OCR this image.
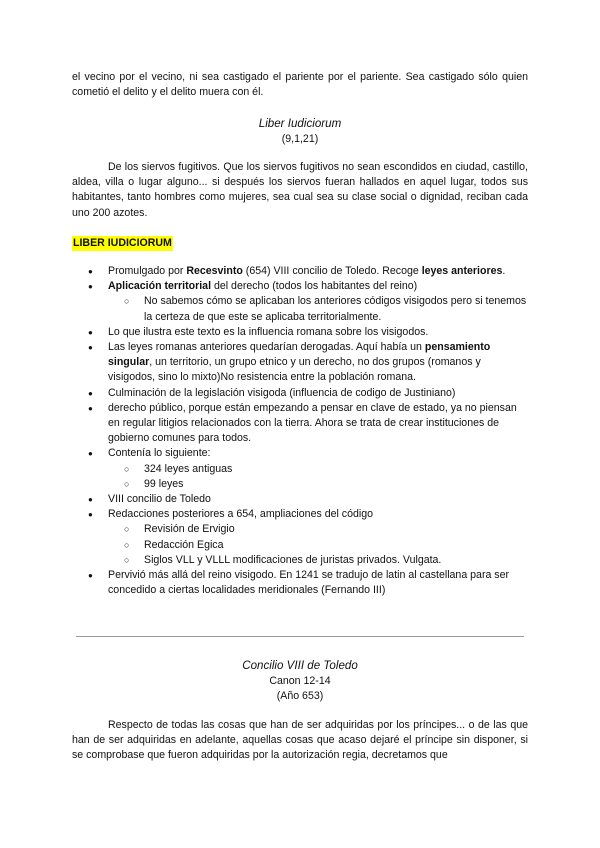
el vecino por el vecino, ni sea castigado el pariente por el pariente. Sea castigado sólo quien cometió el delito y el delito muera con él.

Liber Iudiciorum

(9,1,21)

De los siervos fugitivos. Que los siervos fugitivos no sean escondidos en ciudad, castillo, aldea, villa o lugar alguno... si después los siervos fueran hallados en aquel lugar, todos sus habitantes, tanto hombres como mujeres, sea cual sea su clase social o dignidad, reciban cada uno 200 azotes.

LIBER IUDICIORUM

● Promulgado por Recesvinto (654) VIII concilio de Toledo. Recoge leyes anteriores.
● Aplicación territorial del derecho (todos los habitantes del reino)
○ No sabemos cómo se aplicaban los anteriores códigos visigodos pero si tenemos la certeza de que este se aplicaba territorialmente.
● Lo que ilustra este texto es la influencia romana sobre los visigodos.
● Las leyes romanas anteriores quedarían derogadas. Aquí había un pensamiento singular, un territorio, un grupo etnico y un derecho, no dos grupos (romanos y visigodos, sino lo mixto)No resistencia entre la población romana.
● Culminación de la legislación visigoda (influencia de codigo de Justiniano)
● derecho público, porque están empezando a pensar en clave de estado, ya no piensan en regular litigios relacionados con la tierra. Ahora se trata de crear instituciones de gobierno comunes para todos.
● Contenía lo siguiente:
○ 324 leyes antiguas
○ 99 leyes
● VIII concilio de Toledo
● Redacciones posteriores a 654, ampliaciones del código
○ Revisión de Ervigio
○ Redacción Egica
○ Siglos VLL y VLLL modificaciones de juristas privados. Vulgata.
● Pervivió más allá del reino visigodo. En 1241 se tradujo de latin al castellana para ser concedido a ciertas localidades meridionales (Fernando III)

Concilio VIII de Toledo

Canon 12-14

(Año 653)

Respecto de todas las cosas que han de ser adquiridas por los príncipes... o de las que han de ser adquiridas en adelante, aquellas cosas que acaso dejaré el príncipe sin disponer, si se comprobase que fueron adquiridas por la autorización regia, decretamos que
